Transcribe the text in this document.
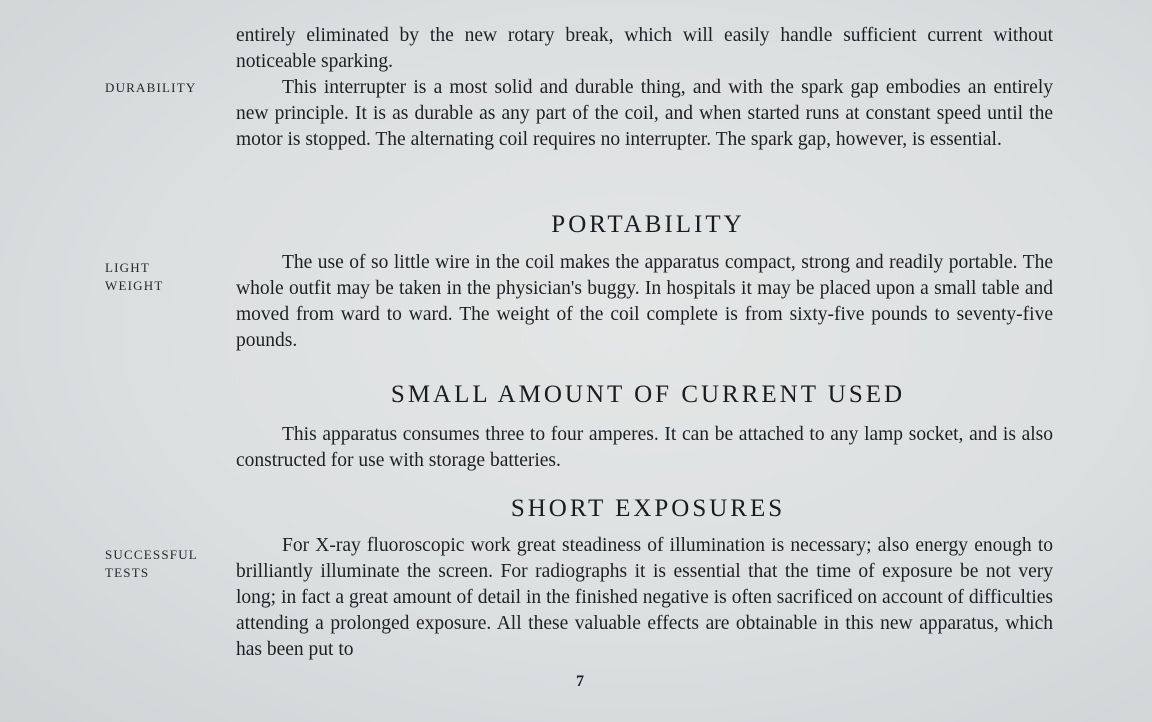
entirely eliminated by the new rotary break, which will easily handle sufficient current without noticeable sparking.

This interrupter is a most solid and durable thing, and with the spark gap embodies an entirely new principle. It is as durable as any part of the coil, and when started runs at constant speed until the motor is stopped. The alternating coil requires no interrupter. The spark gap, however, is essential.

DURABILITY
PORTABILITY
LIGHT
WEIGHT

The use of so little wire in the coil makes the apparatus compact, strong and readily portable. The whole outfit may be taken in the physician's buggy. In hospitals it may be placed upon a small table and moved from ward to ward. The weight of the coil complete is from sixty-five pounds to seventy-five pounds.

SMALL AMOUNT OF CURRENT USED

This apparatus consumes three to four amperes. It can be attached to any lamp socket, and is also constructed for use with storage batteries.

SHORT EXPOSURES
SUCCESSFUL
TESTS

For X-ray fluoroscopic work great steadiness of illumination is necessary; also energy enough to brilliantly illuminate the screen. For radiographs it is essential that the time of exposure be not very long; in fact a great amount of detail in the finished negative is often sacrificed on account of difficulties attending a prolonged exposure. All these valuable effects are obtainable in this new apparatus, which has been put to

7
